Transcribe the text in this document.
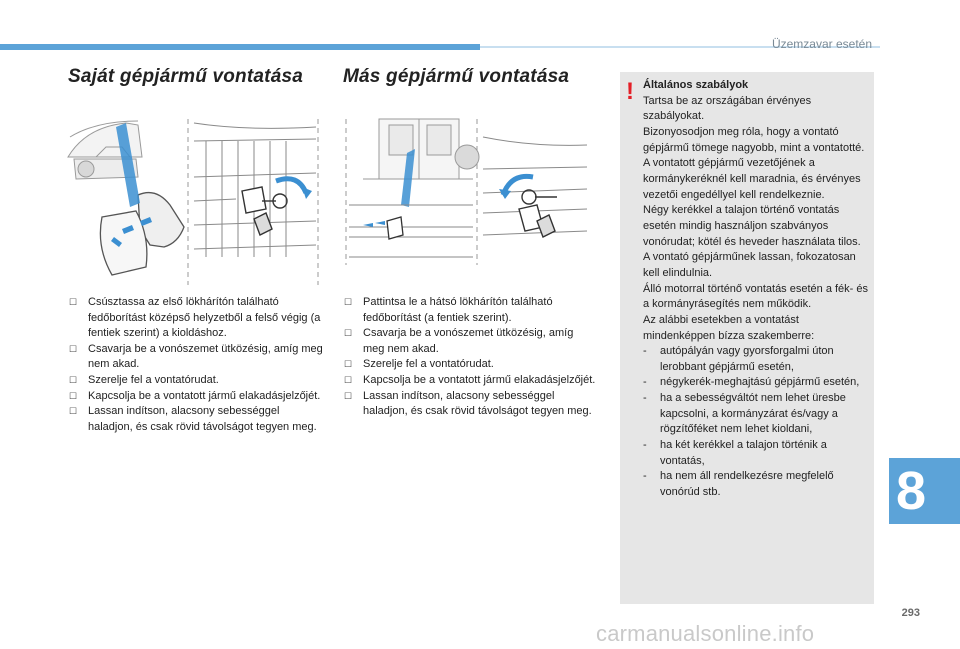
Üzemzavar esetén
Saját gépjármű vontatása Más gépjármű vontatása
☐ Csúsztassa az első lökhárítón található fedőborítást középső helyzetből a felső végig (a fentiek szerint) a kioldáshoz.
☐ Csavarja be a vonószemet ütközésig, amíg meg nem akad.
☐ Szerelje fel a vontatórudat.
☐ Kapcsolja be a vontatott jármű elakadásjelzőjét.
☐ Lassan indítson, alacsony sebességgel haladjon, és csak rövid távolságot tegyen meg.
☐ Pattintsa le a hátsó lökhárítón található fedőborítást (a fentiek szerint).
☐ Csavarja be a vonószemet ütközésig, amíg meg nem akad.
☐ Szerelje fel a vontatórudat.
☐ Kapcsolja be a vontatott jármű elakadásjelzőjét.
☐ Lassan indítson, alacsony sebességgel haladjon, és csak rövid távolságot tegyen meg.
! Általános szabályok
Tartsa be az országában érvényes szabályokat.
Bizonyosodjon meg róla, hogy a vontató gépjármű tömege nagyobb, mint a vontatotté.
A vontatott gépjármű vezetőjének a kormánykeréknél kell maradnia, és érvényes vezetői engedéllyel kell rendelkeznie.
Négy kerékkel a talajon történő vontatás esetén mindig használjon szabványos vonórudat; kötél és heveder használata tilos.
A vontató gépjárműnek lassan, fokozatosan kell elindulnia.
Álló motorral történő vontatás esetén a fék- és a kormányrásegítés nem működik.
Az alábbi esetekben a vontatást mindenképpen bízza szakemberre:
- autópályán vagy gyorsforgalmi úton lerobbant gépjármű esetén,
- négykerék-meghajtású gépjármű esetén,
- ha a sebességváltót nem lehet üresbe kapcsolni, a kormányzárat és/vagy a rögzítőféket nem lehet kioldani,
- ha két kerékkel a talajon történik a vontatás,
- ha nem áll rendelkezésre megfelelő vonórúd stb.	8
293
carmanualsonline.info
